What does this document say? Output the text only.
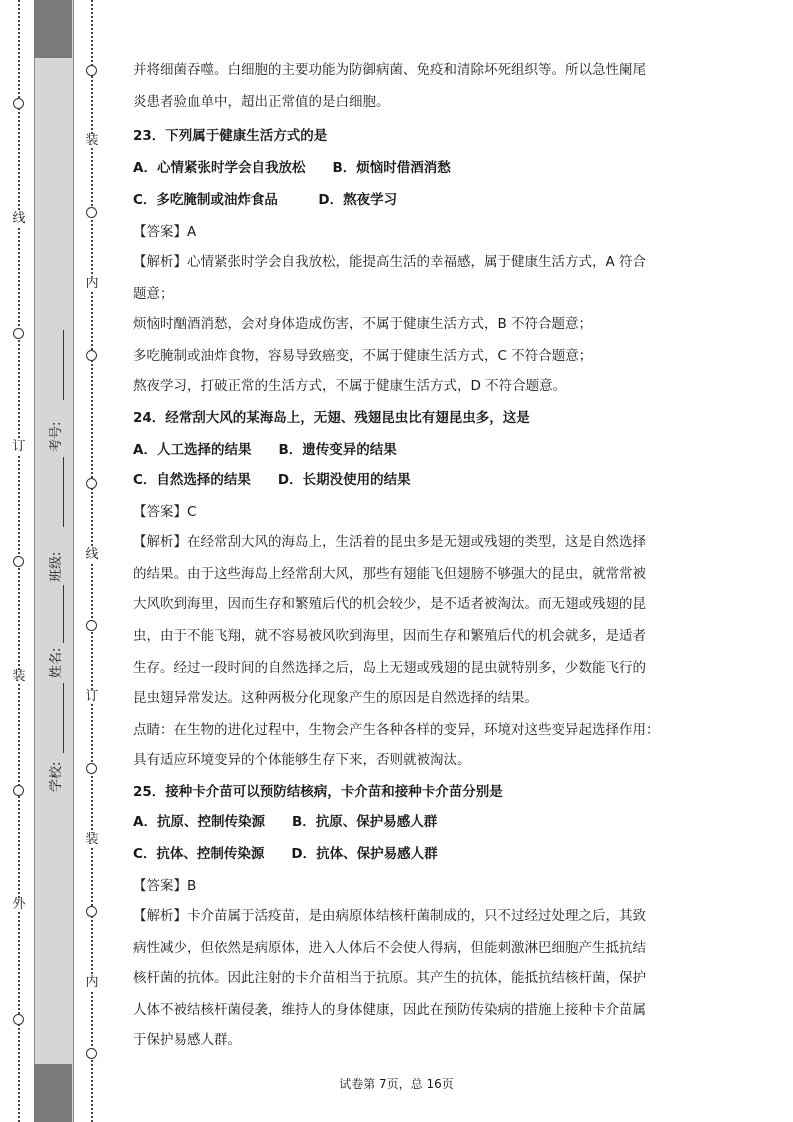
线
订
装
外
装
内
线
订
装
内
学校:
姓名:
班级:
考号:
并将细菌吞噬。白细胞的主要功能为防御病菌、免疫和清除坏死组织等。所以急性阑尾
炎患者验血单中，超出正常值的是白细胞。
23．下列属于健康生活方式的是
A．心情紧张时学会自我放松　　B．烦恼时借酒消愁
C．多吃腌制或油炸食品　　　D．熬夜学习
【答案】A
【解析】心情紧张时学会自我放松，能提高生活的幸福感，属于健康生活方式，A 符合
题意；
烦恼时酗酒消愁，会对身体造成伤害，不属于健康生活方式，B 不符合题意；
多吃腌制或油炸食物，容易导致癌变，不属于健康生活方式，C 不符合题意；
熬夜学习，打破正常的生活方式，不属于健康生活方式，D 不符合题意。
24．经常刮大风的某海岛上，无翅、残翅昆虫比有翅昆虫多，这是
A．人工选择的结果　　B．遗传变异的结果
C．自然选择的结果　　D．长期没使用的结果
【答案】C
【解析】在经常刮大风的海岛上，生活着的昆虫多是无翅或残翅的类型，这是自然选择
的结果。由于这些海岛上经常刮大风，那些有翅能飞但翅膀不够强大的昆虫，就常常被
大风吹到海里，因而生存和繁殖后代的机会较少，是不适者被淘汰。而无翅或残翅的昆
虫，由于不能飞翔，就不容易被风吹到海里，因而生存和繁殖后代的机会就多，是适者
生存。经过一段时间的自然选择之后，岛上无翅或残翅的昆虫就特别多，少数能飞行的
昆虫翅异常发达。这种两极分化现象产生的原因是自然选择的结果。
点睛：在生物的进化过程中，生物会产生各种各样的变异，环境对这些变异起选择作用：
具有适应环境变异的个体能够生存下来，否则就被淘汰。
25．接种卡介苗可以预防结核病，卡介苗和接种卡介苗分别是
A．抗原、控制传染源　　B．抗原、保护易感人群
C．抗体、控制传染源　　D．抗体、保护易感人群
【答案】B
【解析】卡介苗属于活疫苗，是由病原体结核杆菌制成的，只不过经过处理之后，其致
病性减少，但依然是病原体，进入人体后不会使人得病，但能刺激淋巴细胞产生抵抗结
核杆菌的抗体。因此注射的卡介苗相当于抗原。其产生的抗体，能抵抗结核杆菌，保护
人体不被结核杆菌侵袭，维持人的身体健康，因此在预防传染病的措施上接种卡介苗属
于保护易感人群。
试卷第 7页，总 16页
